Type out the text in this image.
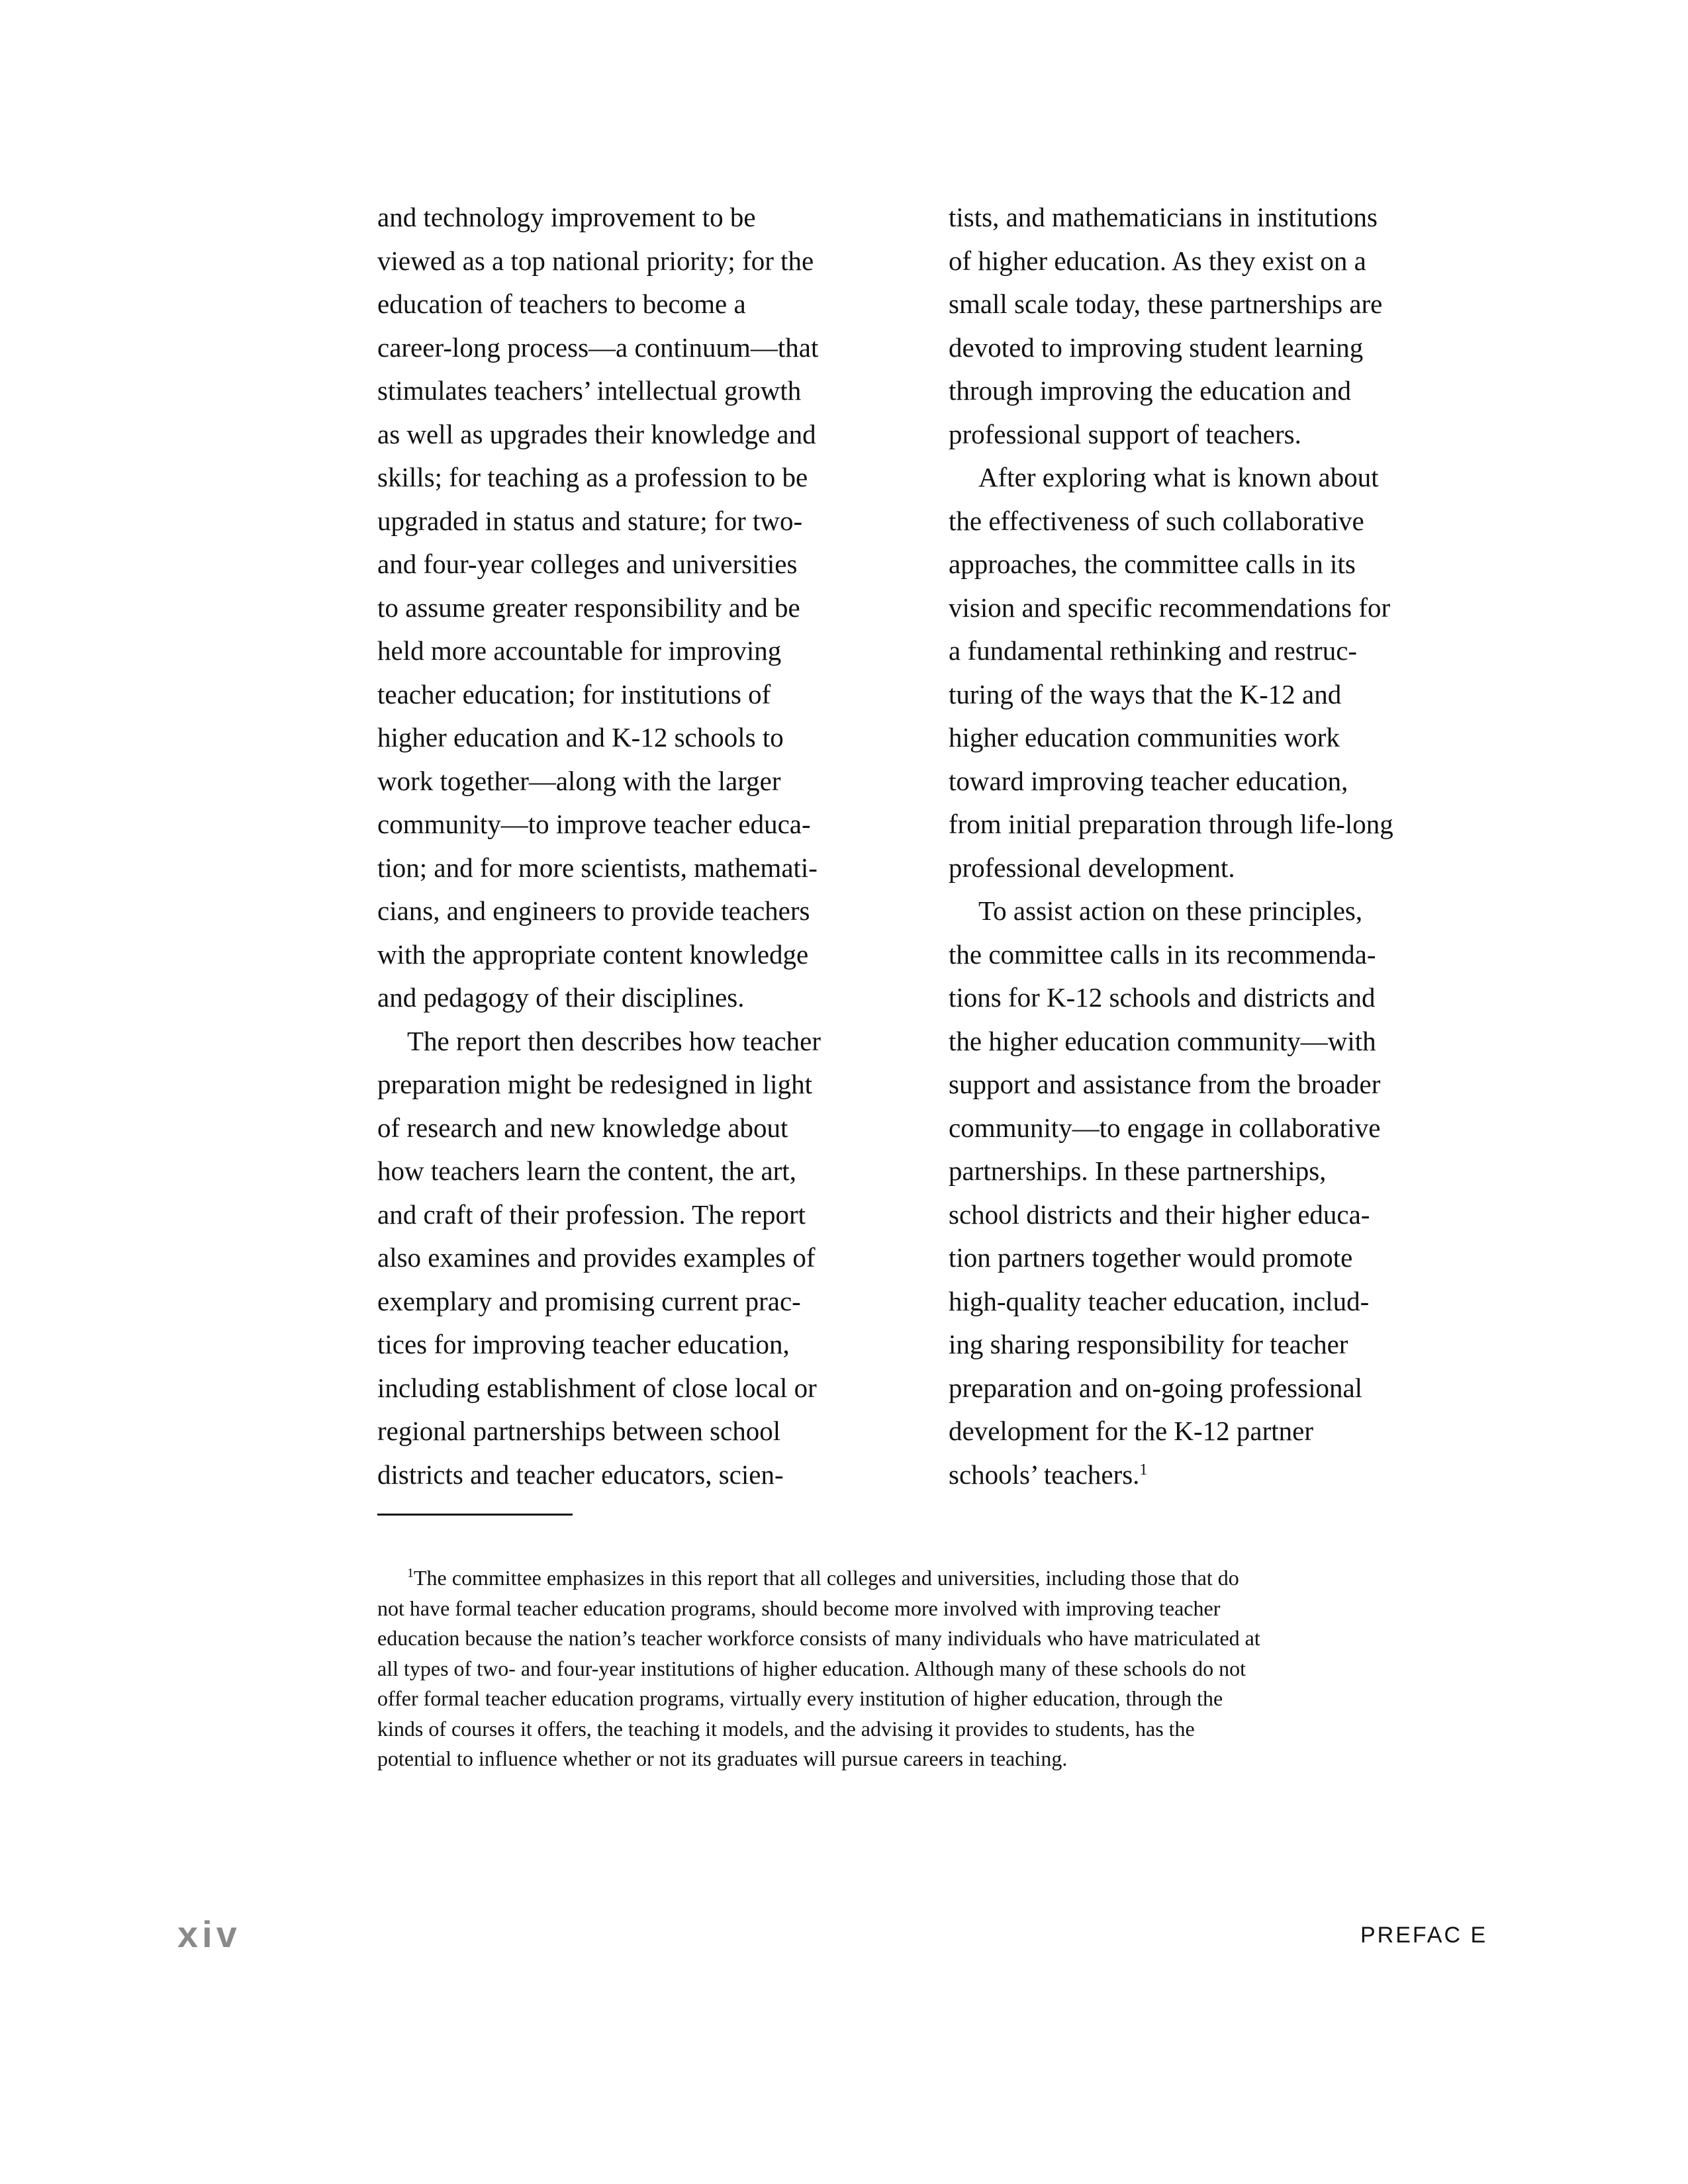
and technology improvement to be
viewed as a top national priority; for the
education of teachers to become a
career-long process—a continuum—that
stimulates teachers’ intellectual growth
as well as upgrades their knowledge and
skills; for teaching as a profession to be
upgraded in status and stature; for two-
and four-year colleges and universities
to assume greater responsibility and be
held more accountable for improving
teacher education; for institutions of
higher education and K-12 schools to
work together—along with the larger
community—to improve teacher educa-
tion; and for more scientists, mathemati-
cians, and engineers to provide teachers
with the appropriate content knowledge
and pedagogy of their disciplines.
The report then describes how teacher
preparation might be redesigned in light
of research and new knowledge about
how teachers learn the content, the art,
and craft of their profession. The report
also examines and provides examples of
exemplary and promising current prac-
tices for improving teacher education,
including establishment of close local or
regional partnerships between school
districts and teacher educators, scien-
tists, and mathematicians in institutions
of higher education. As they exist on a
small scale today, these partnerships are
devoted to improving student learning
through improving the education and
professional support of teachers.
After exploring what is known about
the effectiveness of such collaborative
approaches, the committee calls in its
vision and specific recommendations for
a fundamental rethinking and restruc-
turing of the ways that the K-12 and
higher education communities work
toward improving teacher education,
from initial preparation through life-long
professional development.
To assist action on these principles,
the committee calls in its recommenda-
tions for K-12 schools and districts and
the higher education community—with
support and assistance from the broader
community—to engage in collaborative
partnerships. In these partnerships,
school districts and their higher educa-
tion partners together would promote
high-quality teacher education, includ-
ing sharing responsibility for teacher
preparation and on-going professional
development for the K-12 partner
schools’ teachers.$^1$
$^1$The committee emphasizes in this report that all colleges and universities, including those that do
not have formal teacher education programs, should become more involved with improving teacher
education because the nation’s teacher workforce consists of many individuals who have matriculated at
all types of two- and four-year institutions of higher education. Although many of these schools do not
offer formal teacher education programs, virtually every institution of higher education, through the
kinds of courses it offers, the teaching it models, and the advising it provides to students, has the
potential to influence whether or not its graduates will pursue careers in teaching.
xiv	PREFAC E
